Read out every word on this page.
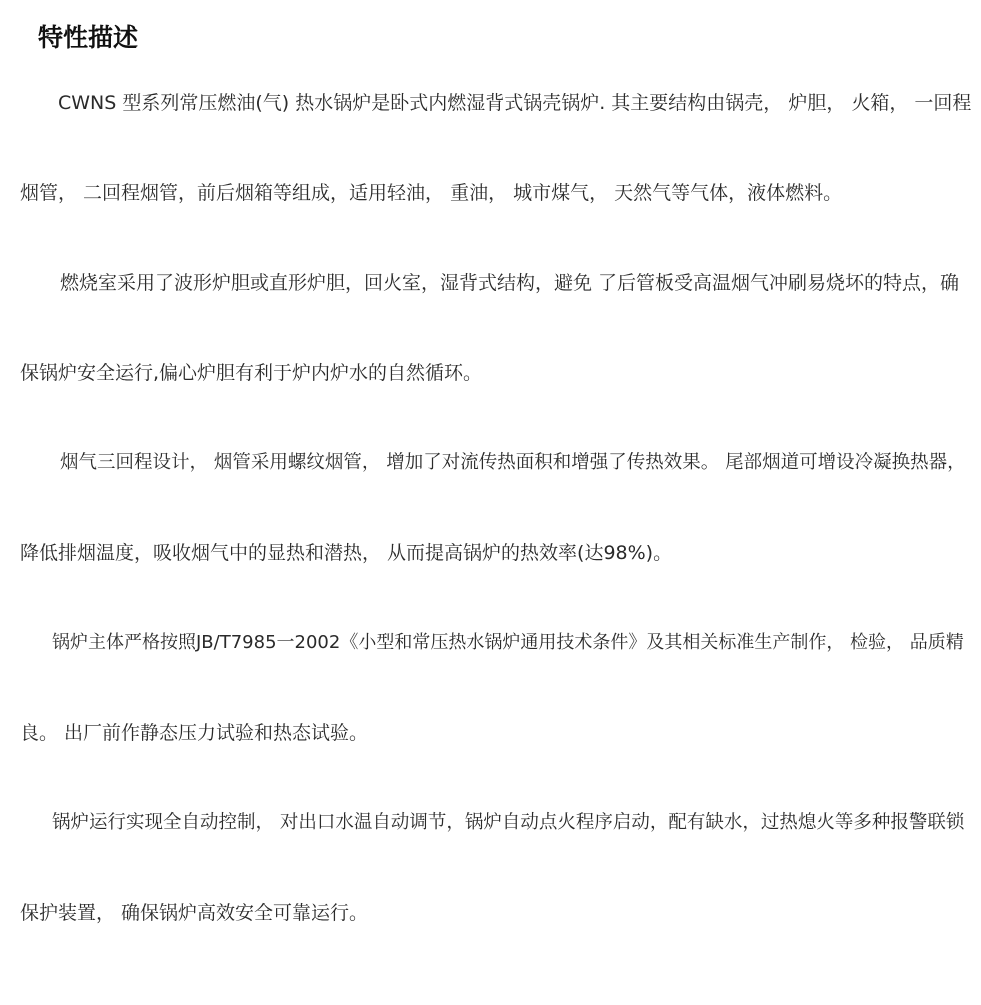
特性描述
CWNS 型系列常压燃油(气) 热水锅炉是卧式内燃湿背式锅壳锅炉. 其主要结构由锅壳， 炉胆， 火箱， 一回程
烟管， 二回程烟管，前后烟箱等组成，适用轻油， 重油， 城市煤气， 天然气等气体，液体燃料。
燃烧室采用了波形炉胆或直形炉胆，回火室，湿背式结构，避免 了后管板受高温烟气冲刷易烧坏的特点，确
保锅炉安全运行,偏心炉胆有利于炉内炉水的自然循环。
烟气三回程设计， 烟管采用螺纹烟管， 增加了对流传热面积和增强了传热效果。 尾部烟道可增设冷凝换热器，
降低排烟温度，吸收烟气中的显热和潜热， 从而提高锅炉的热效率(达98%)。
锅炉主体严格按照JB/T7985一2002《小型和常压热水锅炉通用技术条件》及其相关标准生产制作， 检验， 品质精
良。 出厂前作静态压力试验和热态试验。
锅炉运行实现全自动控制， 对出口水温自动调节，锅炉自动点火程序启动，配有缺水，过热熄火等多种报警联锁
保护装置， 确保锅炉高效安全可靠运行。
